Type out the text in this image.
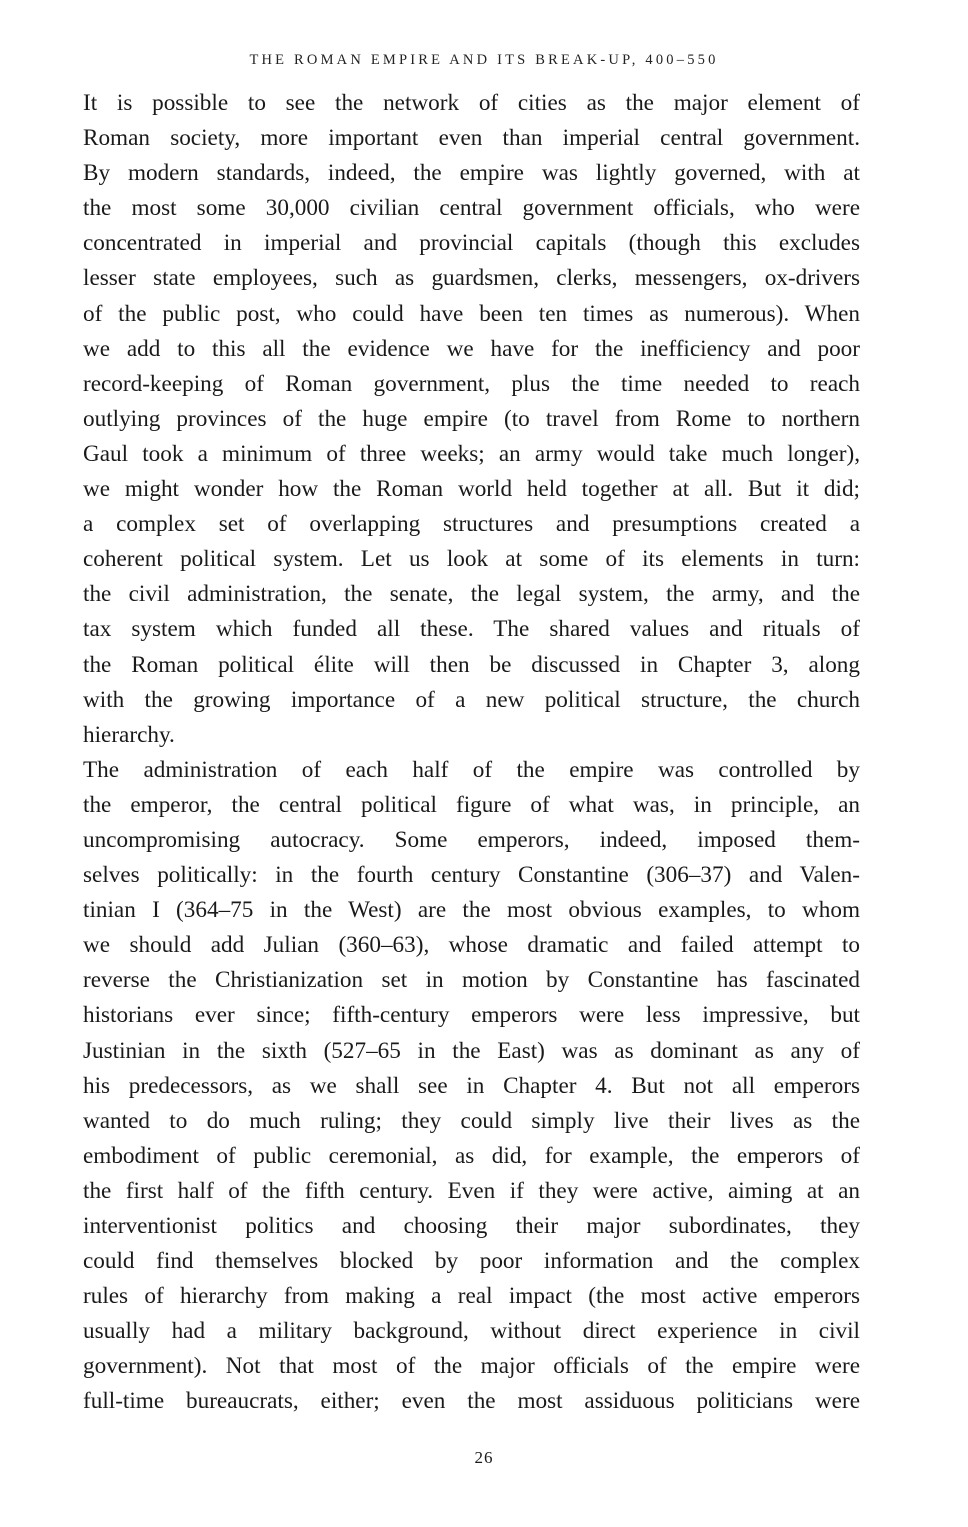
THE ROMAN EMPIRE AND ITS BREAK-UP, 400–550
It is possible to see the network of cities as the major element of
Roman society, more important even than imperial central government.
By modern standards, indeed, the empire was lightly governed, with at
the most some 30,000 civilian central government officials, who were
concentrated in imperial and provincial capitals (though this excludes
lesser state employees, such as guardsmen, clerks, messengers, ox-drivers
of the public post, who could have been ten times as numerous). When
we add to this all the evidence we have for the inefficiency and poor
record-keeping of Roman government, plus the time needed to reach
outlying provinces of the huge empire (to travel from Rome to northern
Gaul took a minimum of three weeks; an army would take much longer),
we might wonder how the Roman world held together at all. But it did;
a complex set of overlapping structures and presumptions created a
coherent political system. Let us look at some of its elements in turn:
the civil administration, the senate, the legal system, the army, and the
tax system which funded all these. The shared values and rituals of
the Roman political élite will then be discussed in Chapter 3, along
with the growing importance of a new political structure, the church
hierarchy.
The administration of each half of the empire was controlled by
the emperor, the central political figure of what was, in principle, an
uncompromising autocracy. Some emperors, indeed, imposed them-
selves politically: in the fourth century Constantine (306–37) and Valen-
tinian I (364–75 in the West) are the most obvious examples, to whom
we should add Julian (360–63), whose dramatic and failed attempt to
reverse the Christianization set in motion by Constantine has fascinated
historians ever since; fifth-century emperors were less impressive, but
Justinian in the sixth (527–65 in the East) was as dominant as any of
his predecessors, as we shall see in Chapter 4. But not all emperors
wanted to do much ruling; they could simply live their lives as the
embodiment of public ceremonial, as did, for example, the emperors of
the first half of the fifth century. Even if they were active, aiming at an
interventionist politics and choosing their major subordinates, they
could find themselves blocked by poor information and the complex
rules of hierarchy from making a real impact (the most active emperors
usually had a military background, without direct experience in civil
government). Not that most of the major officials of the empire were
full-time bureaucrats, either; even the most assiduous politicians were
26
